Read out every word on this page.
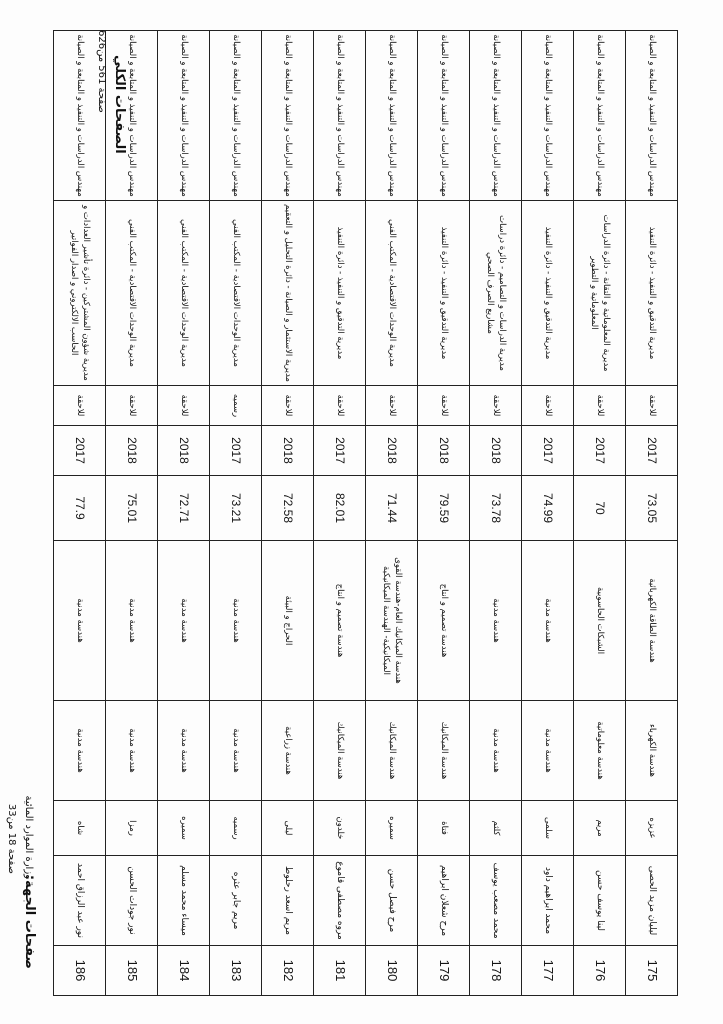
175	ليليان مزيد الحصى	عزيزه	هندسة الكهرباء	هندسة الطاقة الكهربائية	73.05	2017	للاحقة	مديرية التدقيق و التنفيذ - دائرة التنفيذ	مهندس الدراسات و التنفيذ و المتابعة و الصيانة
176	لينا يوسف حسن	مريم	هندسة معلوماتية	الشبكات الحاسوبية	70	2017	للاحقة	مديرية المعلوماتية و التقانة - دائرة الدراسات المعلوماتية و التطوير	مهندس الدراسات و التنفيذ و المتابعة و الصيانة
177	محمد ابراهيم داود	سلمى	هندسة مدنية	هندسة مدنية	74.99	2017	للاحقة	مديرية التدقيق و التنفيذ - دائرة التنفيذ	مهندس الدراسات و التنفيذ و المتابعة و الصيانة
178	محمد مصعب يوسف	كلثم	هندسة مدنية	هندسة مدنية	73.78	2018	للاحقة	مديرية الدراسات و التصاميم - دائرة دراسات مشاريع الصرف الصحي	مهندس الدراسات و التنفيذ و المتابعة و الصيانة
179	مرح شعلان ابراهيم	فتاة	هندسة الميكانيك	هندسة تصميم و انتاج	79.59	2018	للاحقة	مديرية التدقيق و التنفيذ - دائرة التنفيذ	مهندس الدراسات و التنفيذ و المتابعة و الصيانة
180	مرح فيصل حسن	سميره	هندسة الميكانيك	هندسة الميكانيك العام-هندسة القوى الميكانيكية- الهندسة الميكانيكية	71.44	2018	للاحقة	مديرية الوحدات الاقتصادية - المكتب الفني	مهندس الدراسات و التنفيذ و المتابعة و الصيانة
181	مروه مصطفى قاموع	خلدون	هندسة الميكانيك	هندسة تصميم و انتاج	82.01	2017	للاحقة	مديرية التدقيق و التنفيذ - دائرة التنفيذ	مهندس الدراسات و التنفيذ و المتابعة و الصيانة
182	مريم اسعد رحلوط	ليلى	هندسة زراعية	الحراج و البيئة	72.58	2018	للاحقة	مديرية الاستثمار و الصيانة - دائرة التحليل و التعقيم	مهندس الدراسات و التنفيذ و المتابعة و الصيانة
183	مريم جابر عثره	رسميه	هندسة مدنية	هندسة مدنية	73.21	2017	رسميه	مديرية الوحدات الاقتصادية - المكتب الفني	مهندس الدراسات و التنفيذ و المتابعة و الصيانة
184	ميساء محمد مسلم	سميره	هندسة مدنية	هندسة مدنية	72.71	2018	للاحقة	مديرية الوحدات الاقتصادية - المكتب الفني	مهندس الدراسات و التنفيذ و المتابعة و الصيانة
185	نور جودات الحسن	رمزا	هندسة مدنية	هندسة مدنية	75.01	2018	للاحقة	مديرية الوحدات الاقتصادية - المكتب الفني	مهندس الدراسات و التنفيذ و المتابعة و الصيانة
186	نور عبد الرزاق احمد	شاه	هندسة مدنية	هندسة مدنية	77.9	2017	للاحقة	مديرية شؤون المشتركين - دائرة تأشير العدادات و الحاسب الالكتروني و اصدار الفواتير	مهندس الدراسات و التنفيذ و المتابعة و الصيانة
صفحات الجهة:
وزارة الموارد المائية
صفحة 18 من33
الصفحات الكلي
صفحة 561 من626
